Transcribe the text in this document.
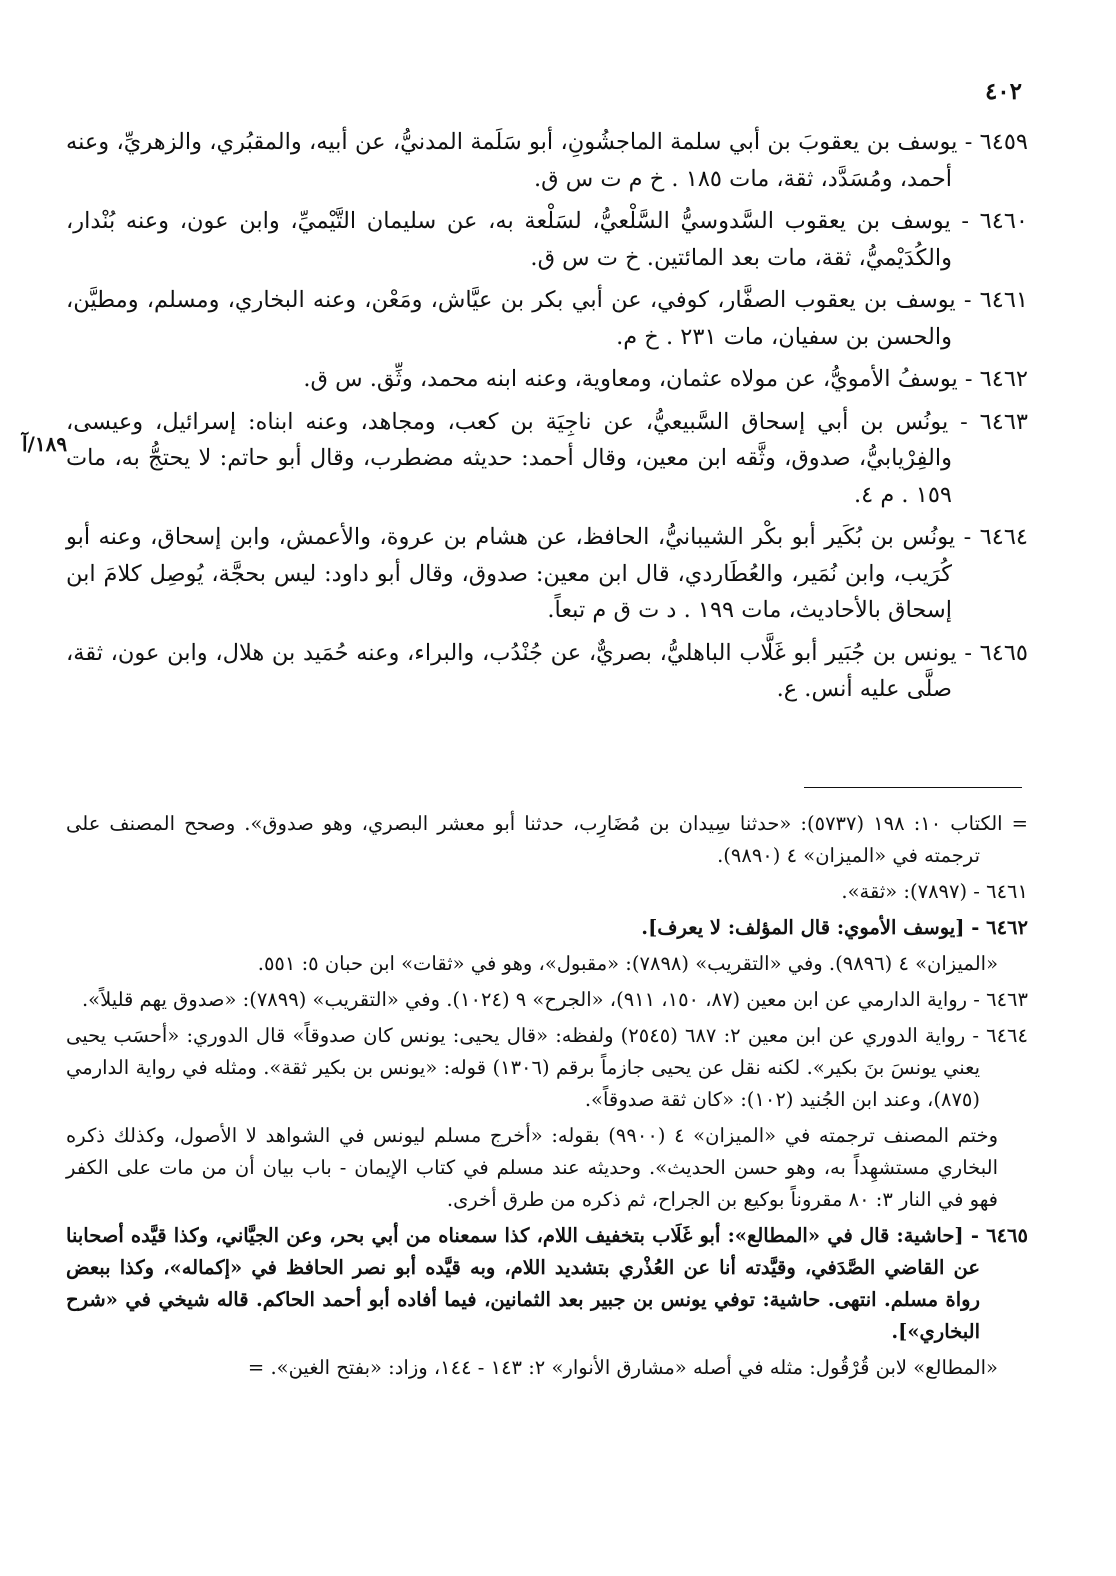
٤٠٢
١٨٩/آ

٦٤٥٩ - يوسف بن يعقوبَ بن أبي سلمة الماجشُونِ، أبو سَلَمة المدنيُّ، عن أبيه، والمقبُري، والزهريِّ، وعنه أحمد، ومُسَدَّد، ثقة، مات ١٨٥ . خ م ت س ق.

٦٤٦٠ - يوسف بن يعقوب السَّدوسيُّ السَّلْعيُّ، لسَلْعة به، عن سليمان التَّيْميِّ، وابن عون، وعنه بُنْدار، والكُدَيْميُّ، ثقة، مات بعد المائتين. خ ت س ق.

٦٤٦١ - يوسف بن يعقوب الصفَّار، كوفي، عن أبي بكر بن عيَّاش، ومَعْن، وعنه البخاري، ومسلم، ومطيَّن، والحسن بن سفيان، مات ٢٣١ . خ م.

٦٤٦٢ - يوسفُ الأمويُّ، عن مولاه عثمان، ومعاوية، وعنه ابنه محمد، وثِّق. س ق.

٦٤٦٣ - يونُس بن أبي إسحاق السَّبيعيُّ، عن ناجِيَة بن كعب، ومجاهد، وعنه ابناه: إسرائيل، وعيسى، والفِرْيابيُّ، صدوق، وثَّقه ابن معين، وقال أحمد: حديثه مضطرب، وقال أبو حاتم: لا يحتجُّ به، مات ١٥٩ . م ٤.

٦٤٦٤ - يونُس بن بُكَير أبو بكْر الشيبانيُّ، الحافظ، عن هشام بن عروة، والأعمش، وابن إسحاق، وعنه أبو كُرَيب، وابن نُمَير، والعُطَاردي، قال ابن معين: صدوق، وقال أبو داود: ليس بحجَّة، يُوصِل كلامَ ابن إسحاق بالأحاديث، مات ١٩٩ . د ت ق م تبعاً.

٦٤٦٥ - يونس بن جُبَير أبو غَلَّاب الباهليُّ، بصريٌّ، عن جُنْدُب، والبراء، وعنه حُمَيد بن هلال، وابن عون، ثقة، صلَّى عليه أنس. ع.

= الكتاب ١٠: ١٩٨ (٥٧٣٧): «حدثنا سِيدان بن مُضَارِب، حدثنا أبو معشر البصري، وهو صدوق». وصحح المصنف على ترجمته في «الميزان» ٤ (٩٨٩٠).

٦٤٦١ - (٧٨٩٧): «ثقة».

٦٤٦٢ - [يوسف الأموي: قال المؤلف: لا يعرف].

«الميزان» ٤ (٩٨٩٦). وفي «التقريب» (٧٨٩٨): «مقبول»، وهو في «ثقات» ابن حبان ٥: ٥٥١.

٦٤٦٣ - رواية الدارمي عن ابن معين (٨٧، ١٥٠، ٩١١)، «الجرح» ٩ (١٠٢٤). وفي «التقريب» (٧٨٩٩): «صدوق يهم قليلاً».

٦٤٦٤ - رواية الدوري عن ابن معين ٢: ٦٨٧ (٢٥٤٥) ولفظه: «قال يحيى: يونس كان صدوقاً» قال الدوري: «أحسَب يحيى يعني يونسَ بنَ بكير». لكنه نقل عن يحيى جازماً برقم (١٣٠٦) قوله: «يونس بن بكير ثقة». ومثله في رواية الدارمي (٨٧٥)، وعند ابن الجُنيد (١٠٢): «كان ثقة صدوقاً».

وختم المصنف ترجمته في «الميزان» ٤ (٩٩٠٠) بقوله: «أخرج مسلم ليونس في الشواهد لا الأصول، وكذلك ذكره البخاري مستشهِداً به، وهو حسن الحديث». وحديثه عند مسلم في كتاب الإيمان - باب بيان أن من مات على الكفر فهو في النار ٣: ٨٠ مقروناً بوكيع بن الجراح، ثم ذكره من طرق أخرى.

٦٤٦٥ - [حاشية: قال في «المطالع»: أبو غَلَاب بتخفيف اللام، كذا سمعناه من أبي بحر، وعن الجيَّاني، وكذا قيَّده أصحابنا عن القاضي الصَّدَفي، وقيَّدته أنا عن العُذْري بتشديد اللام، وبه قيَّده أبو نصر الحافظ في «إكماله»، وكذا ببعض رواة مسلم. انتهى. حاشية: توفي يونس بن جبير بعد الثمانين، فيما أفاده أبو أحمد الحاكم. قاله شيخي في «شرح البخاري»].

«المطالع» لابن قُرْقُول: مثله في أصله «مشارق الأنوار» ٢: ١٤٣ - ١٤٤، وزاد: «بفتح الغين». =
